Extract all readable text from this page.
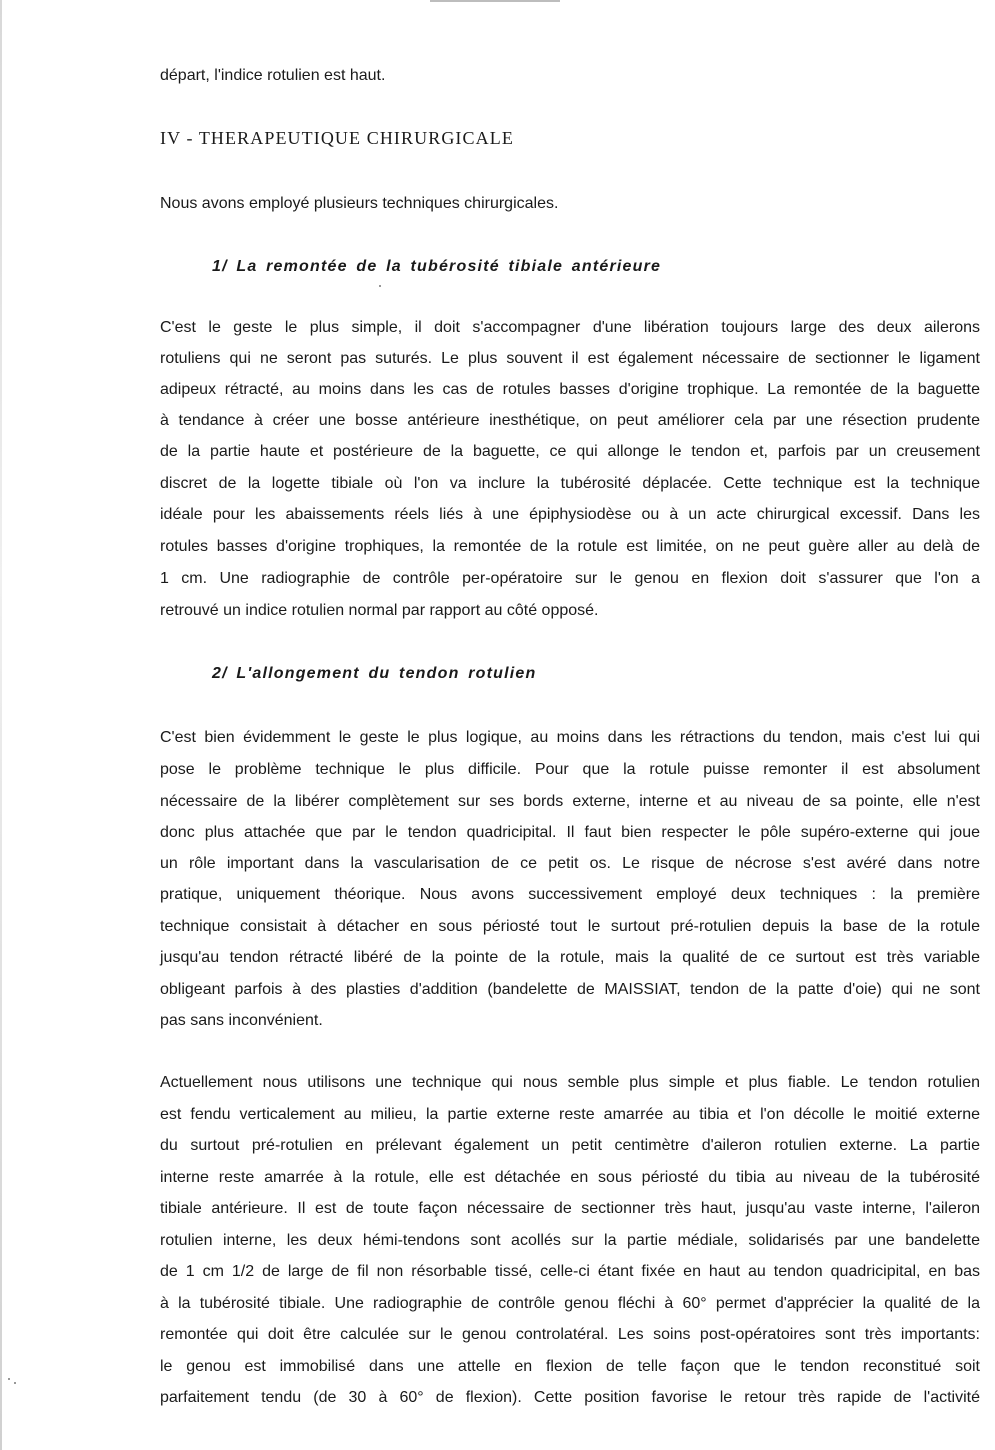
départ, l'indice rotulien est haut.
IV - THERAPEUTIQUE CHIRURGICALE
Nous avons employé plusieurs techniques chirurgicales.
1/ La remontée de la tubérosité tibiale antérieure
C'est le geste le plus simple, il doit s'accompagner d'une libération toujours large des deux ailerons
rotuliens qui ne seront pas suturés. Le plus souvent il est également nécessaire de sectionner le ligament
adipeux rétracté, au moins dans les cas de rotules basses d'origine trophique. La remontée de la baguette
à tendance à créer une bosse antérieure inesthétique, on peut améliorer cela par une résection prudente
de la partie haute et postérieure de la baguette, ce qui allonge le tendon et, parfois par un creusement
discret de la logette tibiale où l'on va inclure la tubérosité déplacée. Cette technique est la technique
idéale pour les abaissements réels liés à une épiphysiodèse ou à un acte chirurgical excessif. Dans les
rotules basses d'origine trophiques, la remontée de la rotule est limitée, on ne peut guère aller au delà de
1 cm. Une radiographie de contrôle per-opératoire sur le genou en flexion doit s'assurer que l'on a
retrouvé un indice rotulien normal par rapport au côté opposé.
2/ L'allongement du tendon rotulien
C'est bien évidemment le geste le plus logique, au moins dans les rétractions du tendon, mais c'est lui qui
pose le problème technique le plus difficile. Pour que la rotule puisse remonter il est absolument
nécessaire de la libérer complètement sur ses bords externe, interne et au niveau de sa pointe, elle n'est
donc plus attachée que par le tendon quadricipital. Il faut bien respecter le pôle supéro-externe qui joue
un rôle important dans la vascularisation de ce petit os. Le risque de nécrose s'est avéré dans notre
pratique, uniquement théorique. Nous avons successivement employé deux techniques : la première
technique consistait à détacher en sous périosté tout le surtout pré-rotulien depuis la base de la rotule
jusqu'au tendon rétracté libéré de la pointe de la rotule, mais la qualité de ce surtout est très variable
obligeant parfois à des plasties d'addition (bandelette de MAISSIAT, tendon de la patte d'oie) qui ne sont
pas sans inconvénient.
Actuellement nous utilisons une technique qui nous semble plus simple et plus fiable. Le tendon rotulien
est fendu verticalement au milieu, la partie externe reste amarrée au tibia et l'on décolle le moitié externe
du surtout pré-rotulien en prélevant également un petit centimètre d'aileron rotulien externe. La partie
interne reste amarrée à la rotule, elle est détachée en sous périosté du tibia au niveau de la tubérosité
tibiale antérieure. Il est de toute façon nécessaire de sectionner très haut, jusqu'au vaste interne, l'aileron
rotulien interne, les deux hémi-tendons sont acollés sur la partie médiale, solidarisés par une bandelette
de 1 cm 1/2 de large de fil non résorbable tissé, celle-ci étant fixée en haut au tendon quadricipital, en bas
à la tubérosité tibiale. Une radiographie de contrôle genou fléchi à 60° permet d'apprécier la qualité de la
remontée qui doit être calculée sur le genou controlatéral. Les soins post-opératoires sont très importants:
le genou est immobilisé dans une attelle en flexion de telle façon que le tendon reconstitué soit
parfaitement tendu (de 30 à 60° de flexion). Cette position favorise le retour très rapide de l'activité
